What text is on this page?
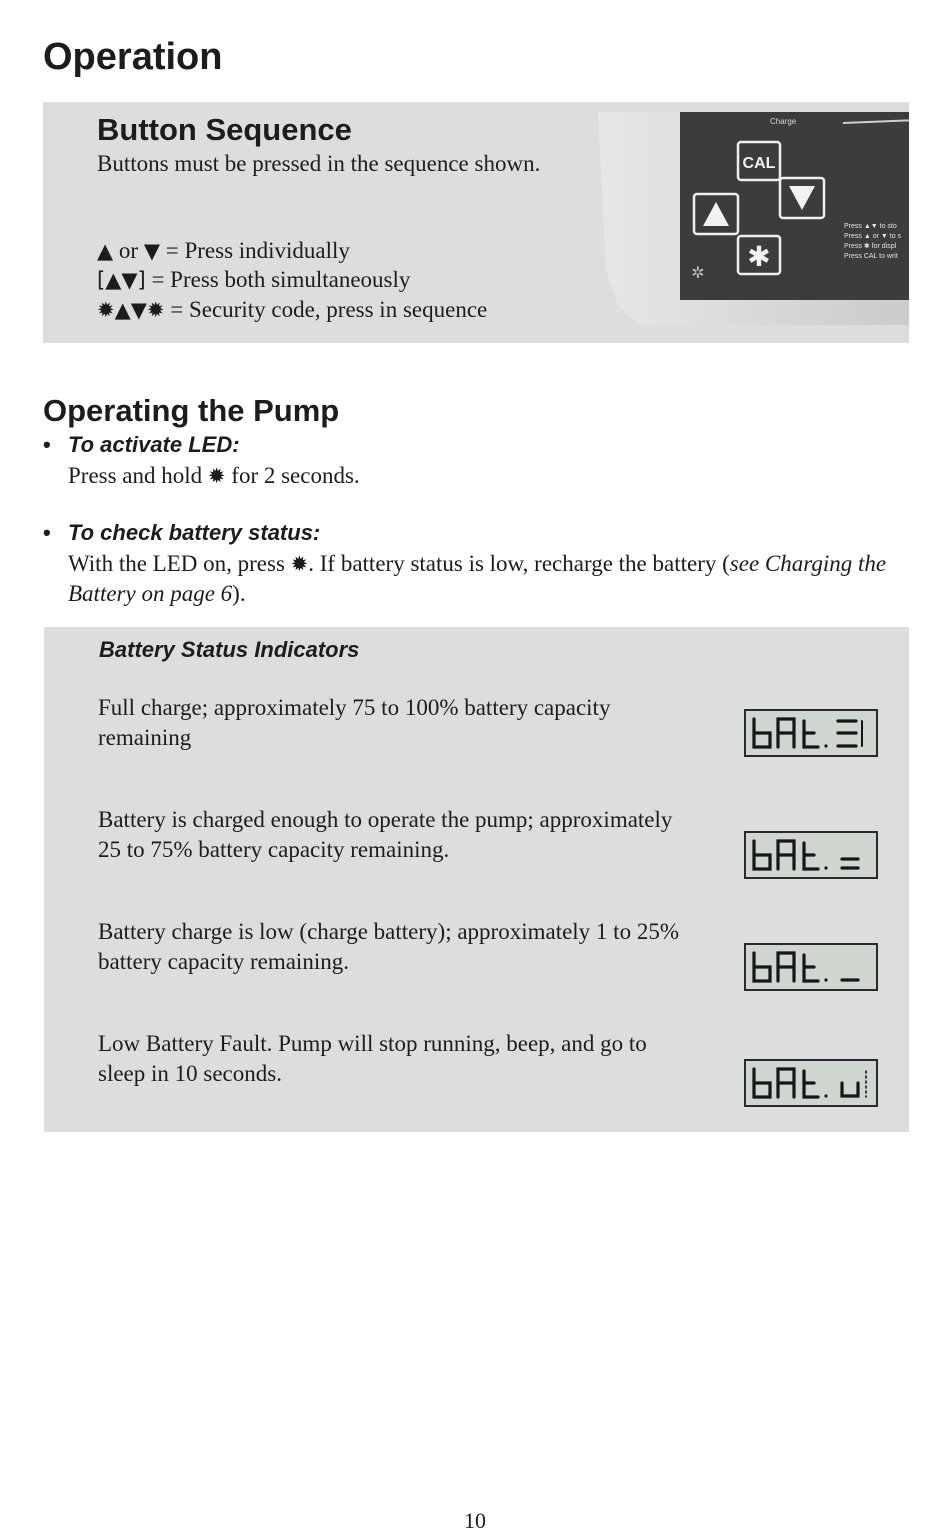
Operation
Button Sequence
Buttons must be pressed in the sequence shown.
▲ or ▼ = Press individually
[▲▼] = Press both simultaneously
✹▲▼✹ = Security code, press in sequence
Charge
CAL
✱
✲
Press ▲▼ to sto
Press ▲ or ▼ to s
Press ✱ for displ
Press CAL to writ
Operating the Pump
• To activate LED:
Press and hold ✹ for 2 seconds.
• To check battery status:
With the LED on, press ✹. If battery status is low, recharge the battery (see Charging the Battery on page 6).
Battery Status Indicators
Full charge; approximately 75 to 100% battery capacity remaining
Battery is charged enough to operate the pump; approximately 25 to 75% battery capacity remaining.
Battery charge is low (charge battery); approximately 1 to 25% battery capacity remaining.
Low Battery Fault. Pump will stop running, beep, and go to sleep in 10 seconds.
10
